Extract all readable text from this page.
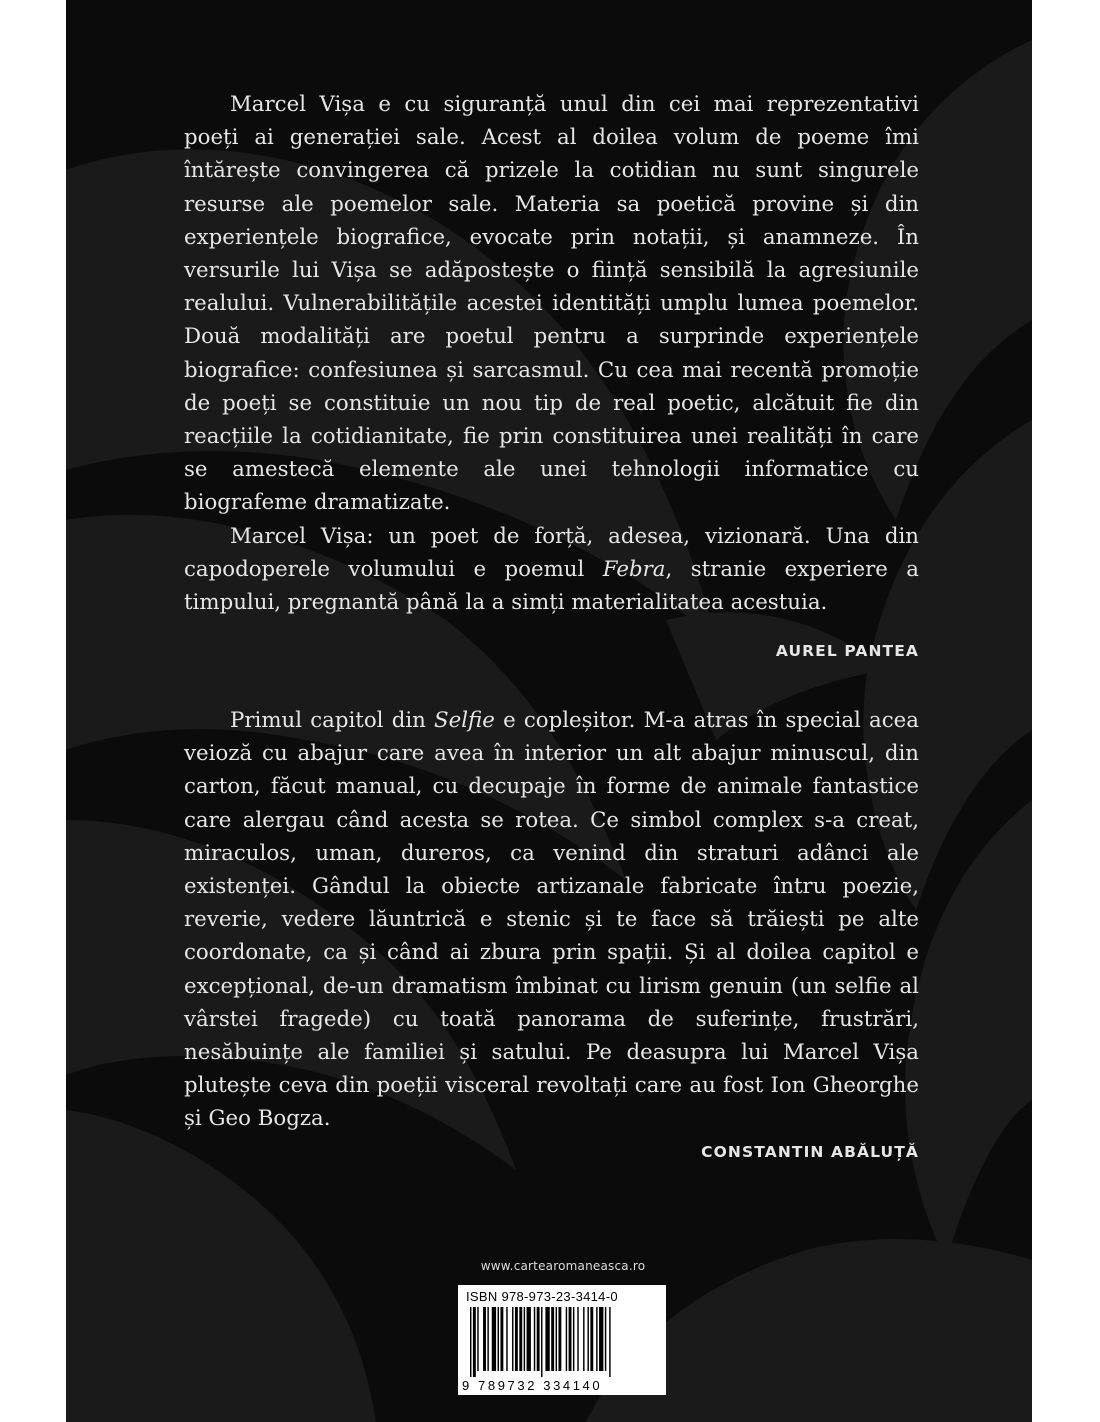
Marcel Vișa e cu siguranță unul din cei mai reprezentativi poeți ai generației sale. Acest al doilea volum de poeme îmi întărește convingerea că prizele la cotidian nu sunt singurele resurse ale poemelor sale. Materia sa poetică provine și din experiențele biografice, evocate prin notații, și anamneze. În versurile lui Vișa se adăpostește o ființă sensibilă la agresiunile realului. Vulnerabilitățile acestei identități umplu lumea poemelor. Două modalități are poetul pentru a surprinde experiențele biografice: confesiunea și sarcasmul. Cu cea mai recentă promoție de poeți se constituie un nou tip de real poetic, alcătuit fie din reacțiile la cotidianitate, fie prin constituirea unei realități în care se amestecă elemente ale unei tehnologii informatice cu biografeme dramatizate.

Marcel Vișa: un poet de forță, adesea, vizionară. Una din capodoperele volumului e poemul Febra, stranie experiere a timpului, pregnantă până la a simți materialitatea acestuia.

AUREL PANTEA

Primul capitol din Selfie e copleșitor. M-a atras în special acea veioză cu abajur care avea în interior un alt abajur minuscul, din carton, făcut manual, cu decupaje în forme de animale fantastice care alergau când acesta se rotea. Ce simbol complex s-a creat, miraculos, uman, dureros, ca venind din straturi adânci ale existenței. Gândul la obiecte artizanale fabricate întru poezie, reverie, vedere lăuntrică e stenic și te face să trăiești pe alte coordonate, ca și când ai zbura prin spații. Și al doilea capitol e excepțional, de-un dramatism îmbinat cu lirism genuin (un selfie al vârstei fragede) cu toată panorama de suferințe, frustrări, nesăbuințe ale familiei și satului. Pe deasupra lui Marcel Vișa plutește ceva din poeții visceral revoltați care au fost Ion Gheorghe și Geo Bogza.

CONSTANTIN ABĂLUȚĂ
www.cartearomaneasca.ro
ISBN 978-973-23-3414-0
9 789732 334140
